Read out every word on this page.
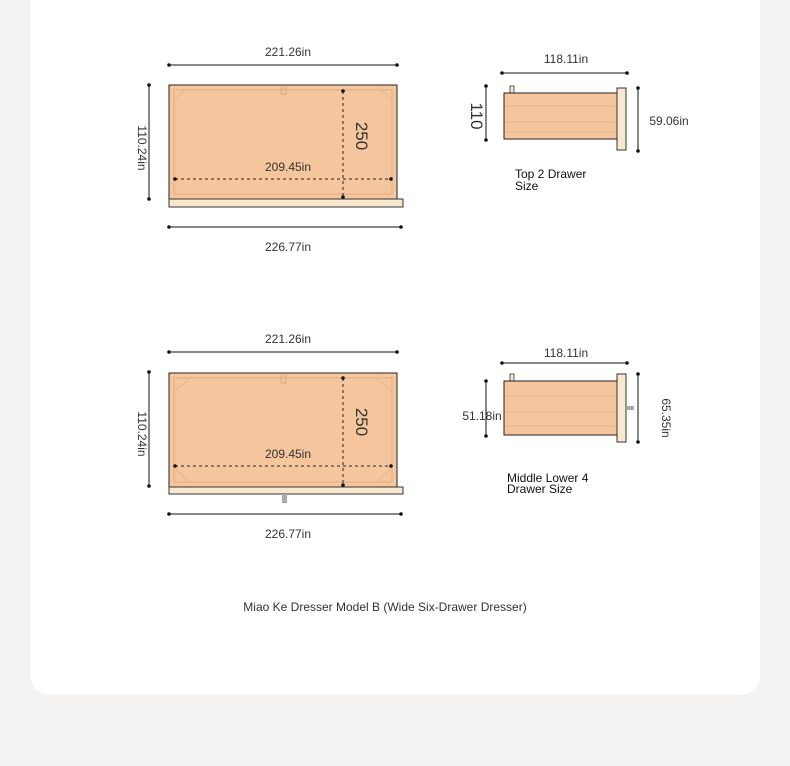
221.26in
110.24in	209.45in
250
226.77in
118.11in
110	59.06in
Top 2 Drawer
Size
221.26in
110.24in	209.45in
250
226.77in
118.11in
51.18in	65.35in
Middle Lower 4
Drawer Size
Miao Ke Dresser Model B (Wide Six-Drawer Dresser)
